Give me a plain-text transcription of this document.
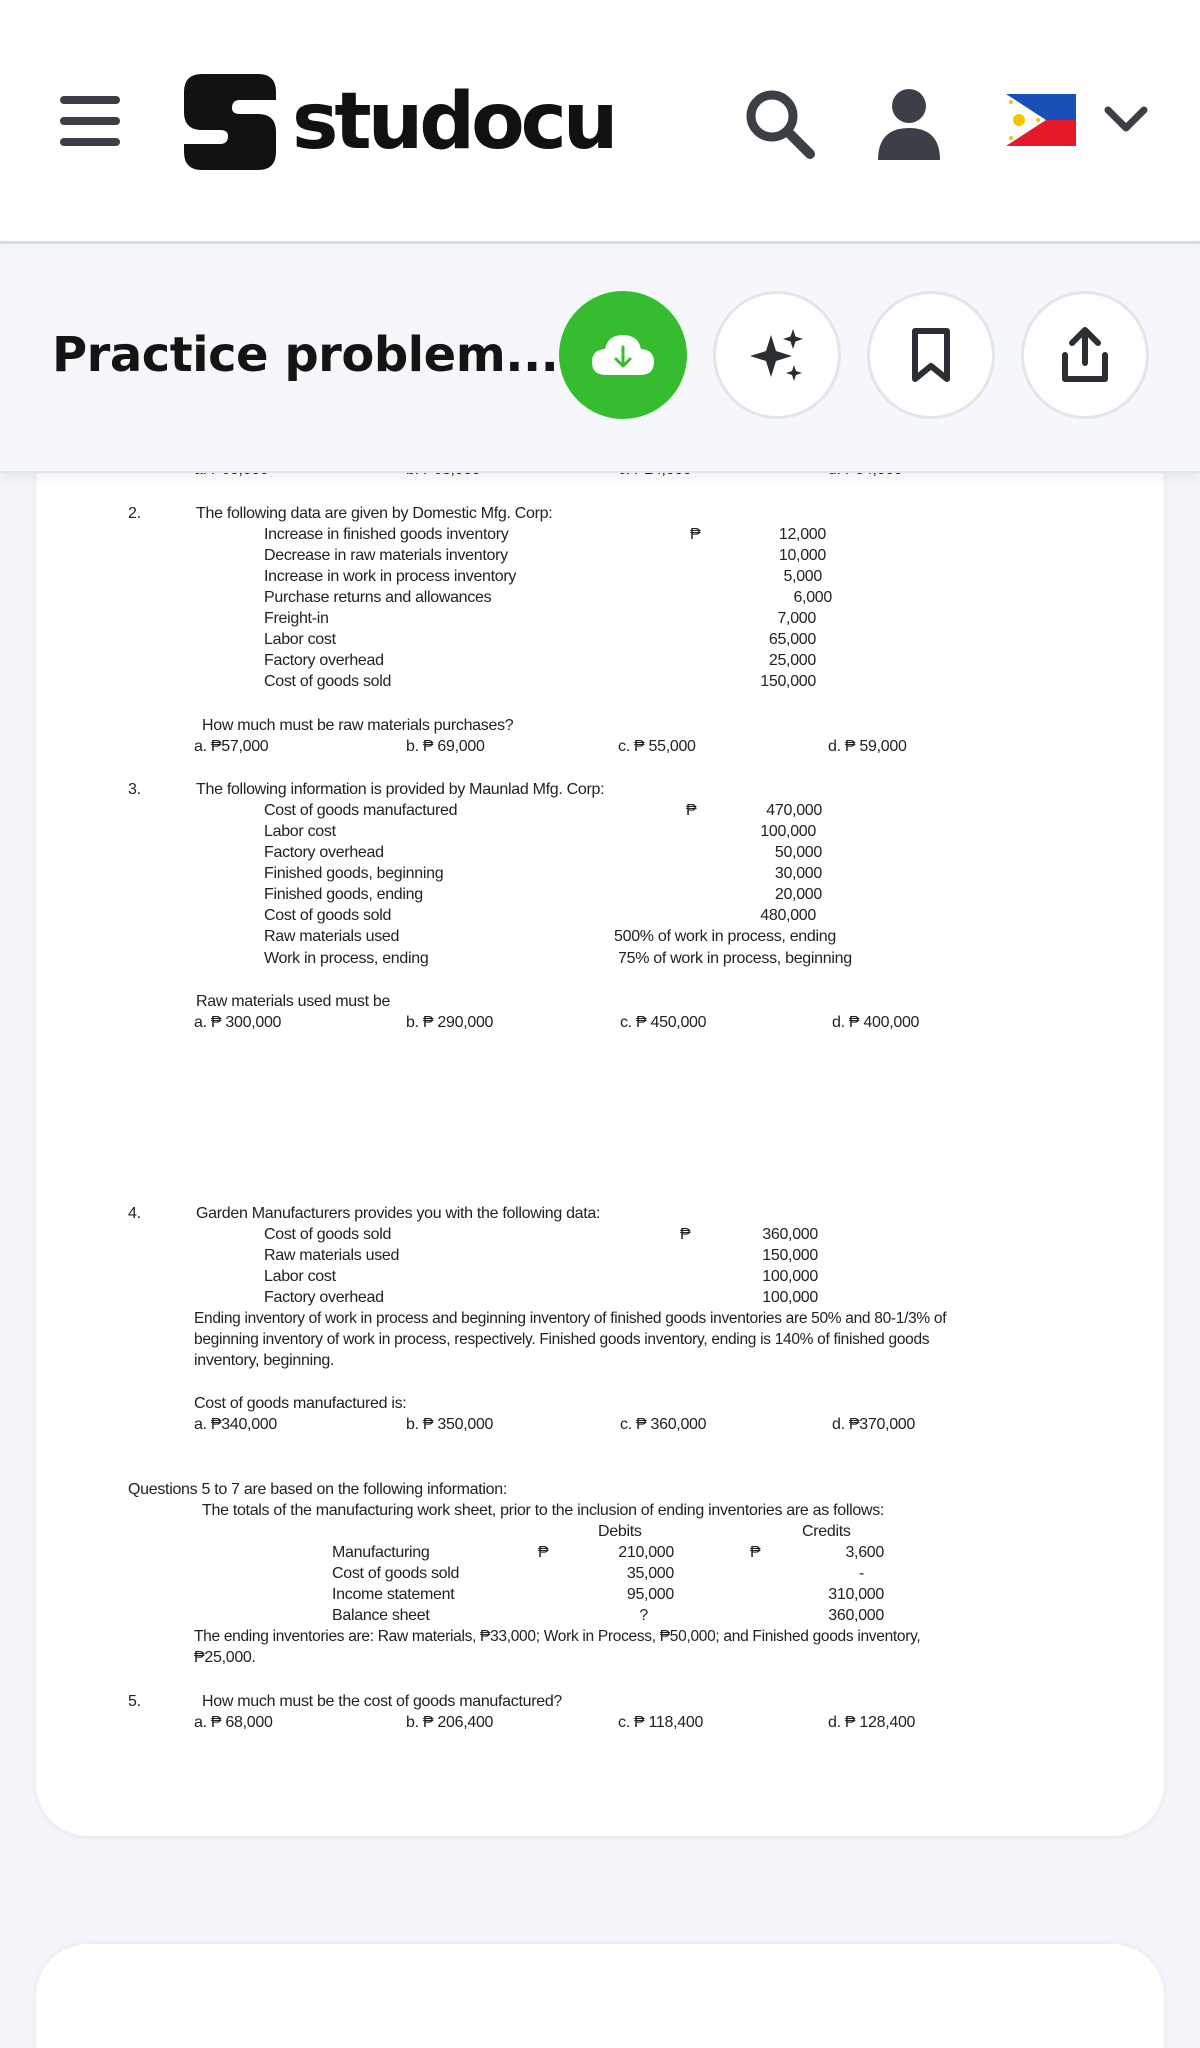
studocu
Practice problem...
2.	The following data are given by Domestic Mfg. Corp:
₱
Increase in finished goods inventory	12,000
Decrease in raw materials inventory	10,000
Increase in work in process inventory	5,000
Purchase returns and allowances	6,000
Freight-in	7,000
Labor cost	65,000
Factory overhead	25,000
Cost of goods sold	150,000
How much must be raw materials purchases?
a. ₱57,000	b. ₱ 69,000	c. ₱ 55,000	d. ₱ 59,000
3.	The following information is provided by Maunlad Mfg. Corp:
₱
Cost of goods manufactured	470,000
Labor cost	100,000
Factory overhead	50,000
Finished goods, beginning	30,000
Finished goods, ending	20,000
Cost of goods sold	480,000
Raw materials used	500% of work in process, ending
Work in process, ending	75% of work in process, beginning
Raw materials used must be
a. ₱ 300,000	b. ₱ 290,000	c. ₱ 450,000	d. ₱ 400,000
4.	Garden Manufacturers provides you with the following data:
₱
Cost of goods sold	360,000
Raw materials used	150,000
Labor cost	100,000
Factory overhead	100,000
Ending inventory of work in process and beginning inventory of finished goods inventories are 50% and 80-1/3% of
beginning inventory of work in process, respectively. Finished goods inventory, ending is 140% of finished goods
inventory, beginning.
Cost of goods manufactured is:
a. ₱340,000	b. ₱ 350,000	c. ₱ 360,000	d. ₱370,000
Questions 5 to 7 are based on the following information:
The totals of the manufacturing work sheet, prior to the inclusion of ending inventories are as follows:
Debits	Credits
Manufacturing	₱	210,000	₱	3,600
Cost of goods sold	35,000	-
Income statement	95,000	310,000
Balance sheet	?	360,000
The ending inventories are: Raw materials, ₱33,000; Work in Process, ₱50,000; and Finished goods inventory,
₱25,000.
5.	How much must be the cost of goods manufactured?
a. ₱ 68,000	b. ₱ 206,400	c. ₱ 118,400	d. ₱ 128,400
